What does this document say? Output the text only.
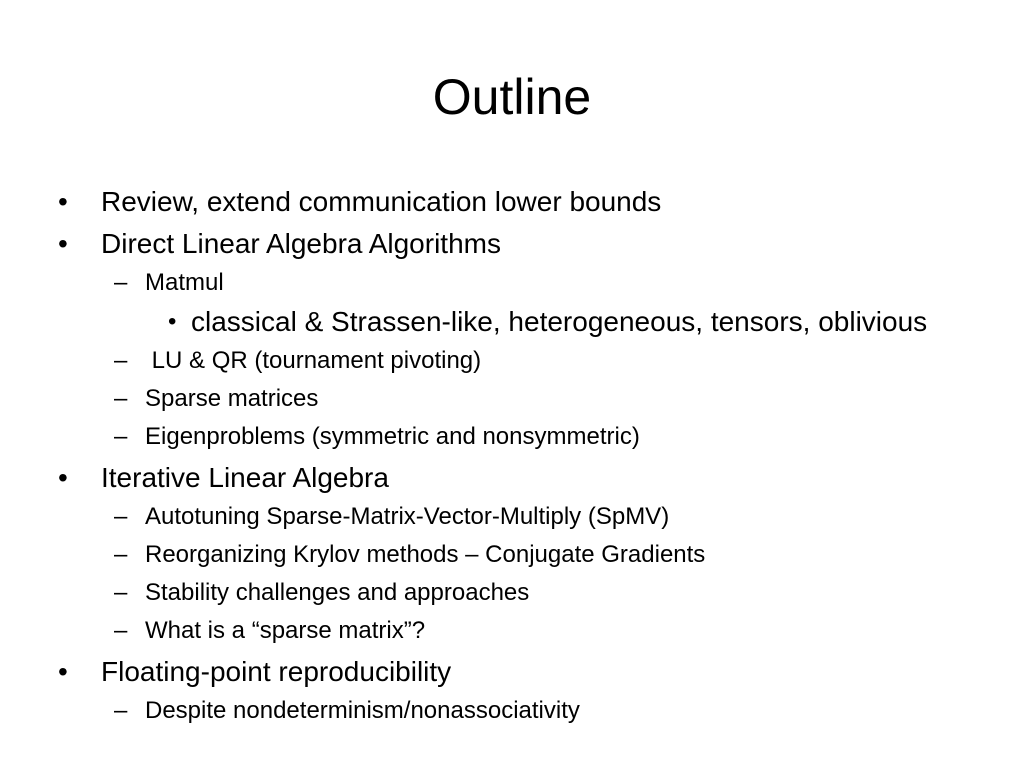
Outline
• Review, extend communication lower bounds
• Direct Linear Algebra Algorithms
– Matmul
• classical & Strassen-like, heterogeneous, tensors, oblivious
– LU & QR (tournament pivoting)
– Sparse matrices
– Eigenproblems (symmetric and nonsymmetric)
• Iterative Linear Algebra
– Autotuning Sparse-Matrix-Vector-Multiply (SpMV)
– Reorganizing Krylov methods – Conjugate Gradients
– Stability challenges and approaches
– What is a “sparse matrix”?
• Floating-point reproducibility
– Despite nondeterminism/nonassociativity
